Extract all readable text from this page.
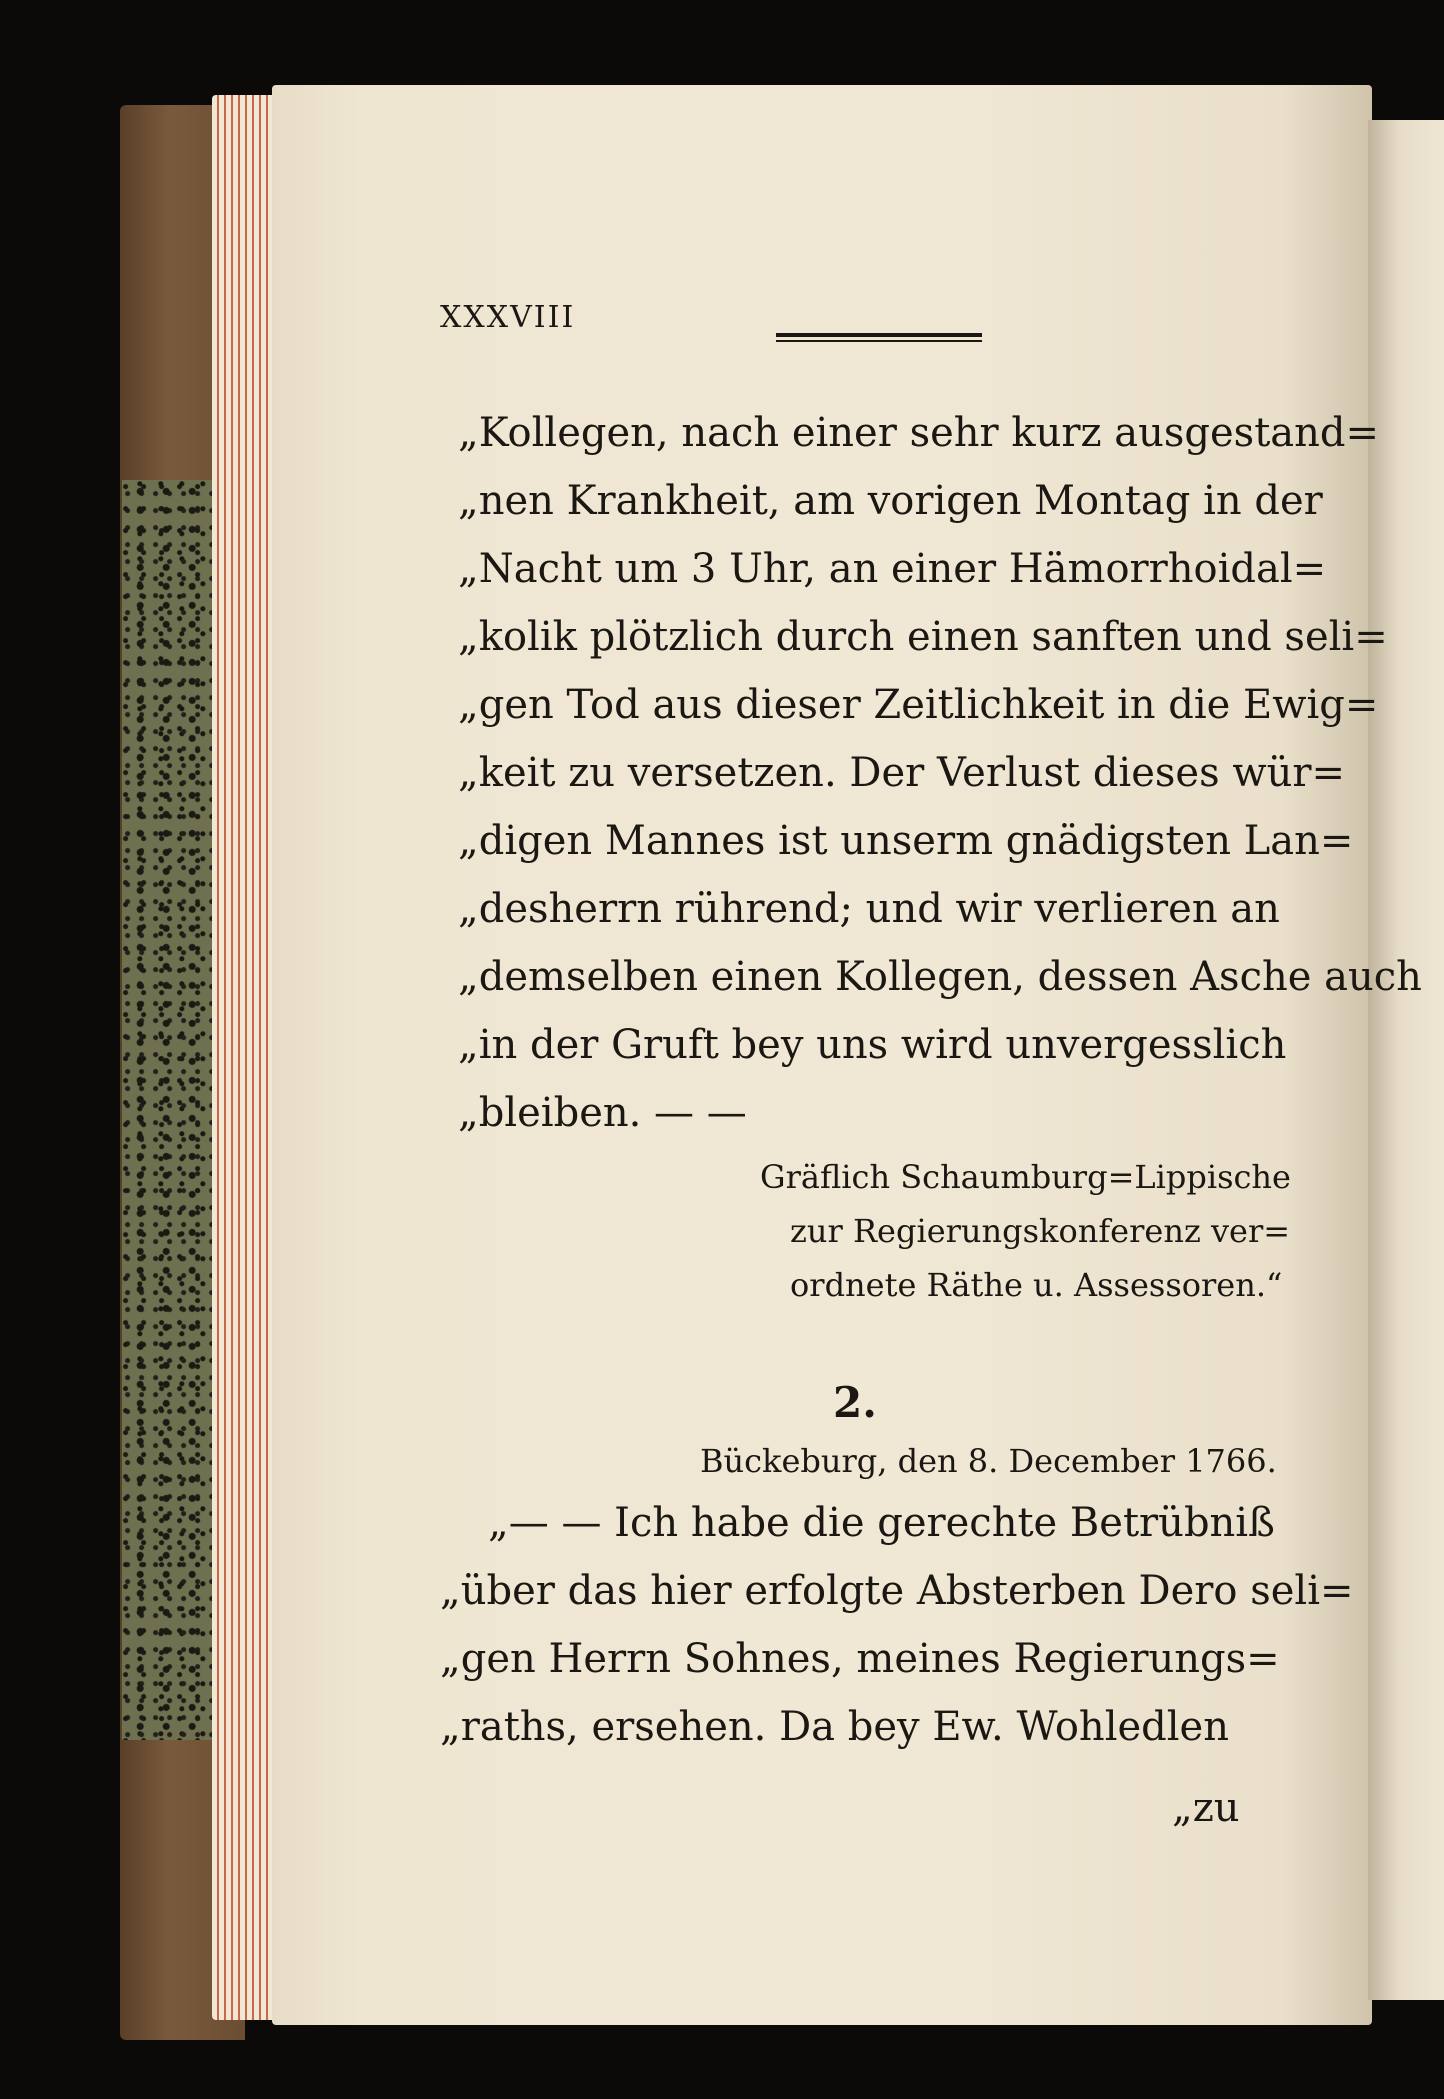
XXXVIII
„Kollegen, nach einer sehr kurz ausgestand=
„nen Krankheit, am vorigen Montag in der
„Nacht um 3 Uhr, an einer Hämorrhoidal=
„kolik plötzlich durch einen sanften und seli=
„gen Tod aus dieser Zeitlichkeit in die Ewig=
„keit zu versetzen. Der Verlust dieses wür=
„digen Mannes ist unserm gnädigsten Lan=
„desherrn rührend; und wir verlieren an
„demselben einen Kollegen, dessen Asche auch
„in der Gruft bey uns wird unvergesslich
„bleiben. — —
Gräflich Schaumburg=Lippische
zur Regierungskonferenz ver=
ordnete Räthe u. Assessoren.“
2.
Bückeburg, den 8. December 1766.
„— — Ich habe die gerechte Betrübniß
„über das hier erfolgte Absterben Dero seli=
„gen Herrn Sohnes, meines Regierungs=
„raths, ersehen. Da bey Ew. Wohledlen
„zu
